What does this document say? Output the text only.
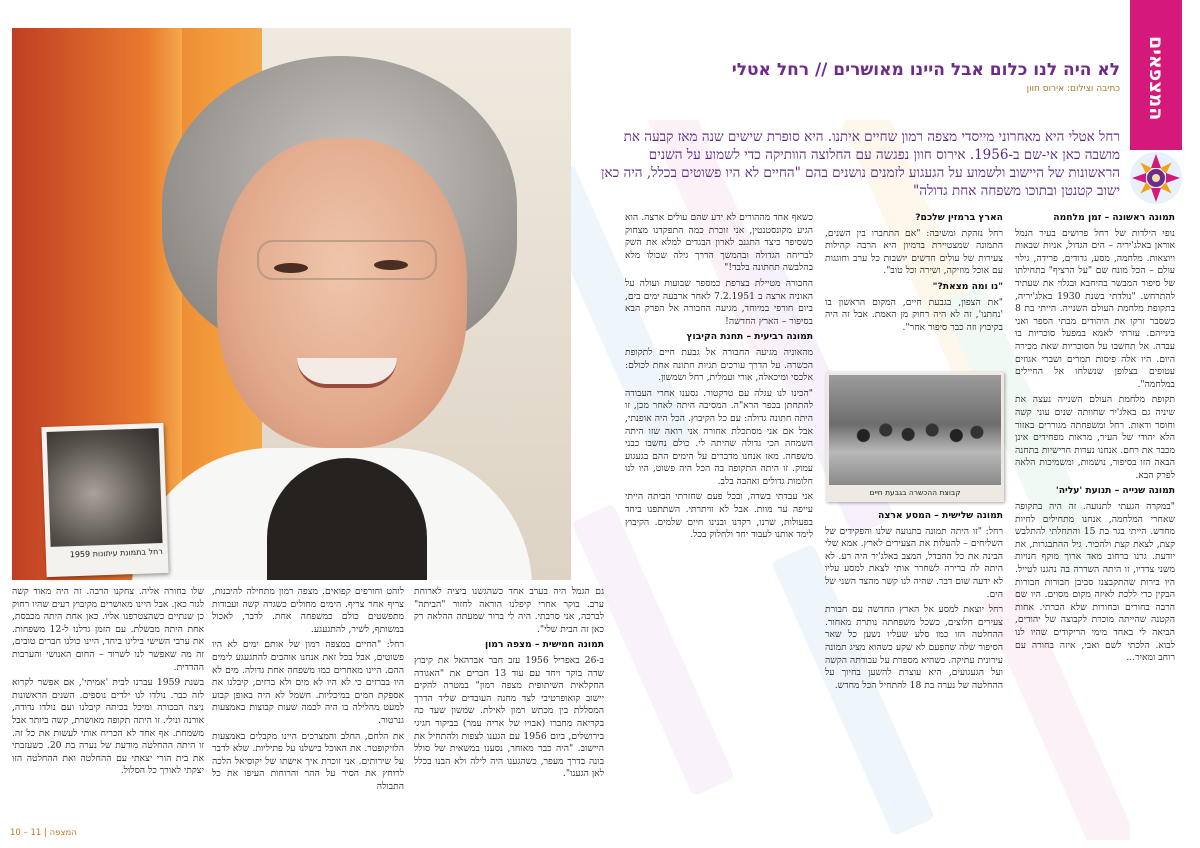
רחל בתמונת עיתונות 1959
המצפאים
לא היה לנו כלום אבל היינו מאושרים // רחל אטלי
כתיבה וצילום: אירוס חוון
רחל אטלי היא מאחרוני מייסדי מצפה רמון שחיים איתנו. היא סופרת שישים שנה מאז קבעה את מושבה כאן אי-שם ב-1956. אירוס חוון נפגשה עם החלוצה הוותיקה כדי לשמוע על השנים הראשונות של היישוב ולשמוע על הגעגוע לזמנים נושנים בהם "החיים לא היו פשוטים בכלל, היה כאן ישוב קטנטן ובתוכו משפחה אחת גדולה"

תמונה ראשונה – זמן מלחמה

נופי הילדות של רחל פרושים בעיר הנמל אוראן באלג'יריה – הים הגדול, אניות שבאות ויוצאות. מלחמה, מסע, גדודים, פרידה, גילוי עולם – הכל מונח שם "על הרציף" בתחילתו של סיפור המבשר בהיחבא ובגלוי את שעתיד להתרחש. "נולדתי בשנת 1930 באלג'יריה, בתקופת מלחמת העולם השנייה. הייתי בת 8 כשסבר זרקו את היהודים מבתי הספר ואני בינייהם. עזרתי לאמא במפעל סוכריות בו עבדה. אל תחשבו על הסוכריות שאת מכירה היום. היו אלה פיסות תמרים ושברי אגוזים עטופים בצלופן שנשלחו אל החיילים במלחמה".

תקופת מלחמת העולם השנייה נעצה את שיניה גם באלג'יר שחוותה שנים עוני קשה וחוסר ודאות. רחל ומשפחתה מגוררים באזור הלא יהודי של העיר, מראות מפחידים אינן מכבר את רחם. אנחנו נערות חרישיות בתחנה הבאה הזו בסיפור, נושמות, ומשמיכות הלאה לפרק הבא.

תמונה שנייה – תנועת 'עליה'

"במקרה הגעתי לתנועה. זה היה בתקופה שאחרי המלחמה, אנחנו מתחילים לחיות מחדש. הייתי בגר בת 15 והתחלתי להתלבש קצת, לצאת קצת ולהכיר. גיל ההתבגרות, את יודעת. גרנו ברחוב מאד ארוך מוקף חנויות משני צדדיו, זו היתה השדרה בה נהגנו לטייל. היו בירות שהתקבצנו סביבן חבורות חבורות הבקין כדי ללכת לאיזה מקום מסוים. היו שם הרבה בחורים ובחורות שלא הכרתי. אחות הקטנה שהייתה מוכרת לקבוצה של יהודים, הביאה לי באחד מימי הריקודים שהיו לנו לבוא. הלכתי לשם ואבי, איזה בחורה עם רוחב ומאיר...

הארץ ברמזין שלכם?

רחל נזהקת ומשיבה: "אם התחברו בין השנים, התמונה שמצטיירת בדמיון היא הרבה קהילות צעירות של עולים חדשים יושבות כל ערב וחוגגות עם אוכל מוזיקה, ושירה וכל טוב".

"נו ומה מצאת?"

"את הצפון, בגבעת חיים, המקום הראשון בו 'נחתנו', זה לא היה רחוק מן האמת. אבל זה היה בקיבוץ וזה כבר סיפור אחר".

קבוצת ההכשרה בגבעת חיים

תמונה שלישית – המסע ארצה

רחל: "זו היתה תמונה בתנועה שלנו והפקידים של השליחים – להעלות את הצעירים לארץ. אמא שלי הבינה את כל ההבדל, המצב באלג'יר היה רע. לא היתה לה ברירה לשחרר אותי לצאת למסע עליו לא ידעה שום דבר. שהיה לנו קשר מהצד השני של הים.

רחל יוצאת למסע אל הארץ החדשה עם חבורת צעירים חלוצים, כשכל משפחתה נותרת מאחור. ההחלטה הזו כמו סלע שעליו נשען כל שאר הסיפור שלה שהפעם לא שקע כשהוא מציג תמונה עירונית עתיקה. כשהיא מספרת על עבודתה הקשה ועל הגעגועים, היא עוצרת להשען בחיוך על ההחלטה של נערה בת 18 להתחיל הכל מחדש.

כשאף אחד מההורים לא ידע שהם עולים ארצה. הוא הגיע מקונסטנטין, אני זוכרת כמה התפקדנו מצחוק כשסיפר כיצד התגנב לארון הבגדים למלא את השק לבריחה הגדולה ובהמשך הדרך גילה שכולו מלא בהלבשה תחתונה בלבד!"

החבורה מטיילת בצרפת כמספר שבועות ועולה על האוניה ארצה ב 7.2.1951 לאחר ארבעה ימים בים, ביום חורפי במיוחד, מגיעה החבורה אל הפרק הבא בסיפור – הארץ החדשה!

תמונה רביעית – תחנת הקיבוץ

מהאוניה מגיעה החבורה אל גבעת חיים לתקופת הכשרה. על הדרך עורכים תגיות חתונה אחת לכולם: אלכסי ומיכאלה, אורי ועמלית, רחל ושמשון.

"הכינו לנו עגלה עם טרקטור. נסענו אחרי העבודה להתחתן בכפר הרא"ה. המסיבה היתה לאחר מכן, זו היתה חתונה גדולה: עם כל הקיבוץ. הכל היה אופנתי, אבל אם אני מסתכלת אחורה אני רואה שזו היתה השמחה הכי גדולה שהיתה לי. כולם נחשבו כבני משפחה. מאז אנחנו מדברים על הימים ההם בגעגוע עמוק. זו היתה התקופה בה הכל היה פשוט, היו לנו חלומות גדולים ואהבה בלב.

אני עבדתי בשדה, ובכל פעם שחזרתי הביתה הייתי עייפה עד מוות. אבל לא וויתרתי. השתתפנו ביחד בפעולות, שרנו, רקדנו ובנינו חיים שלמים. הקיבוץ לימד אותנו לעבוד יחד ולחלוק בכל.

גם הגמל היה בערב אחד כשהגשנו ביציה לארוחת ערב. בוקר אחרי קיפלנו הוראה לחזור "הביתה" לברכה, אני סרבתי. היה לי ברור שמעתה ההלאה רק כאן זה הבית שלי".

תמונה חמישית – מצפה רמון

ב-26 באפריל 1956 עזב חבר אברהאל את קיבוץ שדה בוקר ויחד עם עוד 13 חברים את "האגודה החקלאית השיתופית מצפה רמון" במטרה להקים יישוב קואופרטיבי לצד מחנה העובדים שליד הדרך המסללת בין מכתש רמון לאילת. שמשון שעד כה בקריאה מחברו (אבויו של אריה עמר) בביקור חגיגי בירושלים, ביום 1956 עם הגענו לצפות ולהתחיל את היישוב. "היה כבר מאוחר, נסענו במשאית של סולל בונה בדרך מעפר, כשהגענו היה לילה ולא הבנו בכלל לאן הגענו".

לוהט וחורפים קפואים. מצפה רמון מתחילה להיבנות, צריף אחר צריף. הימים מחולים כשגרה קשה ועבודות מתפשטים כולם כמשפחה אחת. לדבר, לאכול במשותף, לשיר, להתגעגע.

רחל: "החיים במצפה רמון של אותם ימים לא היו פשוטים, אבל בכל זאת אנחנו אוהבים להתגעגע לימים ההם. היינו מאחרים כמו משפחה אחת גדולה. מים לא היו בברזים כי לא היו לא מים ולא ברזים, קיבלנו את אספקת המים במיכליות. חשמל לא היה באופן קבוע למעט מהלילה בו היה לכמה שעות קבוצות באמצעות גנרטור.

את הלחם, החלב והמצרכים היינו מקבלים באמצעות הלזיקופטר. את האוכל בישלנו על פתיליות. שלא לדבר על שירותים. אני זוכרת איך אישתו של יקוסיאל הלכה לרוחץ את הסיר על ההר והרוחות העיפו את כל התבולה

שלו בחורה אליה. צחקנו הרבה. זה היה מאוד קשה לגור כאן. אבל היינו מאושרים מקיבוץ רעים שהיו רחוק כן שנתיים כשהצטרפנו אליו. כאן אחת היתה מכבסת, אחת היתה מבשלת. עם הזמן גדלנו ל-12 משפחות. את ערבי השישי בילינו ביחד, היינו כולנו חברים טובים, זה מה שאפשר לנו לשרוד – החום האנושי והערבות ההדדית.

בשנת 1959 עברנו לבית 'אמיתי', אם אפשר לקרוא לזה כבר. נולדו לנו ילדים נוספים. השנים הראשונות ניצה הבכורה ומיכל בכיתה קיבלנו ועם נולדו נדודה, אורנה ונילי. זו היתה תקופה מאושרת, קשה ביותר אבל משמחת. אף אחד לא הכריח אותי לעשות את כל זה. זו היתה ההחלטה מודעת של נערה בת 20. כשעזבתי את בית הורי יצאתי עם ההחלטה ואת ההחלטה הזו יצקתי לאורך כל הסלול.

10 – 11 | המצפה
